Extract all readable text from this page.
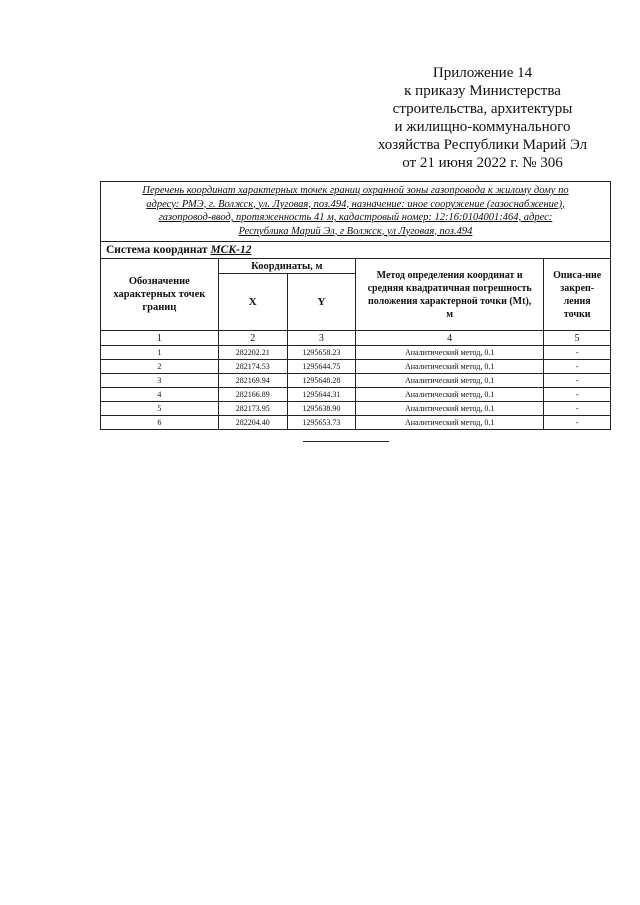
Приложение 14
к приказу Министерства
строительства, архитектуры
и жилищно-коммунального
хозяйства Республики Марий Эл
от 21 июня 2022 г. № 306
Перечень координат характерных точек границ охранной зоны газопровода к жилому дому по
адресу: РМЭ, г. Волжск, ул. Луговая, поз.494, назначение: иное сооружение (газоснабжение),
газопровод-ввод, протяженность 41 м, кадастровый номер: 12:16:0104001:464, адрес:
Республика Марий Эл, г Волжск, ул Луговая, поз.494
Система координат МСК-12
Обозначение характерных точек границ	Координаты, м		Метод определения координат и средняя квадратичная погрешность положения характерной точки (Mt), м	Описа-ние закреп-ления точки
	X	Y		
1	2	3	4	5
1	282202.21	1295658.23	Аналитический метод, 0.1	-
2	282174.53	1295644.75	Аналитический метод, 0.1	-
3	282169.94	1295648.28	Аналитический метод, 0.1	-
4	282166.89	1295644.31	Аналитический метод, 0.1	-
5	282173.95	1295638.90	Аналитический метод, 0.1	-
6	282204.40	1295653.73	Аналитический метод, 0.1	-
